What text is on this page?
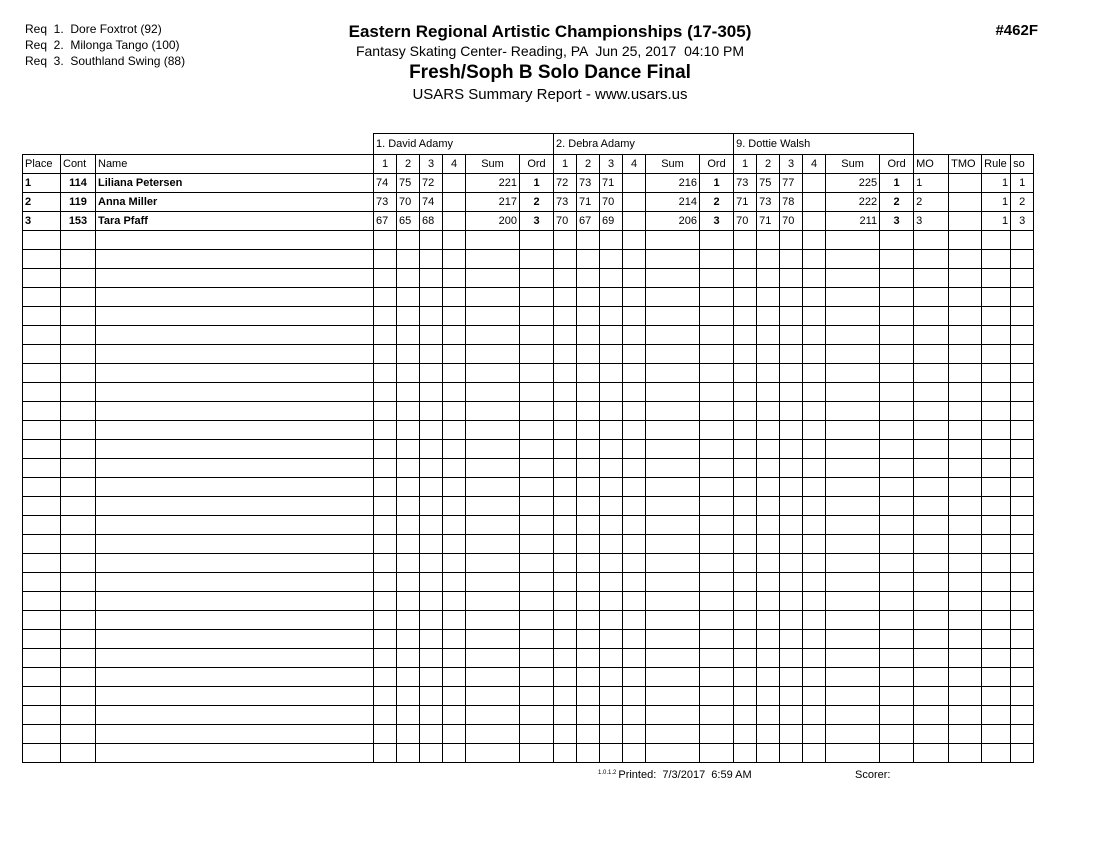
Req  1.  Dore Foxtrot (92)
Req  2.  Milonga Tango (100)
Req  3.  Southland Swing (88)
Eastern Regional Artistic Championships (17-305)
Fantasy Skating Center- Reading, PA  Jun 25, 2017  04:10 PM
Fresh/Soph B Solo Dance Final
USARS Summary Report - www.usars.us
#462F
			1. David Adamy						2. Debra Adamy						9. Dottie Walsh									
Place	Cont	Name	1	2	3	4	Sum	Ord	1	2	3	4	Sum	Ord	1	2	3	4	Sum	Ord	MO	TMO	Rule	so
1	114	Liliana Petersen	74	75	72		221	1	72	73	71		216	1	73	75	77		225	1	1		1	1
2	119	Anna Miller	73	70	74		217	2	73	71	70		214	2	71	73	78		222	2	2		1	2
3	153	Tara Pfaff	67	65	68		200	3	70	67	69		206	3	70	71	70		211	3	3		1	3

$^{1.0.1.2}$ Printed:  7/3/2017  6:59 AM	Scorer:
